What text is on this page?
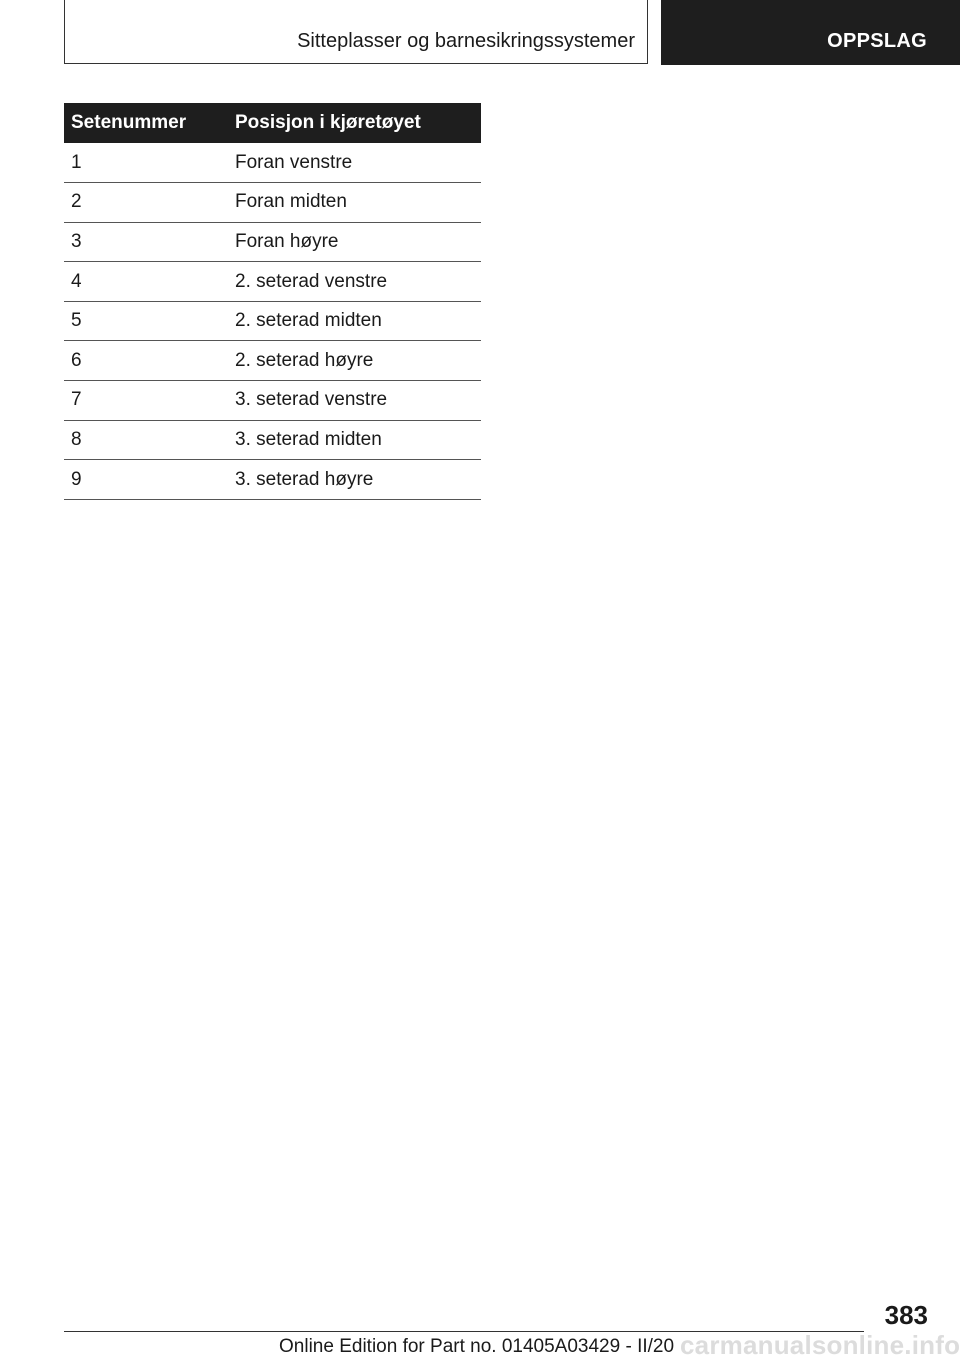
Sitteplasser og barnesikringssystemer	OPPSLAG
Setenummer	Posisjon i kjøretøyet
1	Foran venstre
2	Foran midten
3	Foran høyre
4	2. seterad venstre
5	2. seterad midten
6	2. seterad høyre
7	3. seterad venstre
8	3. seterad midten
9	3. seterad høyre
383
Online Edition for Part no. 01405A03429 - II/20 carmanualsonline.info
